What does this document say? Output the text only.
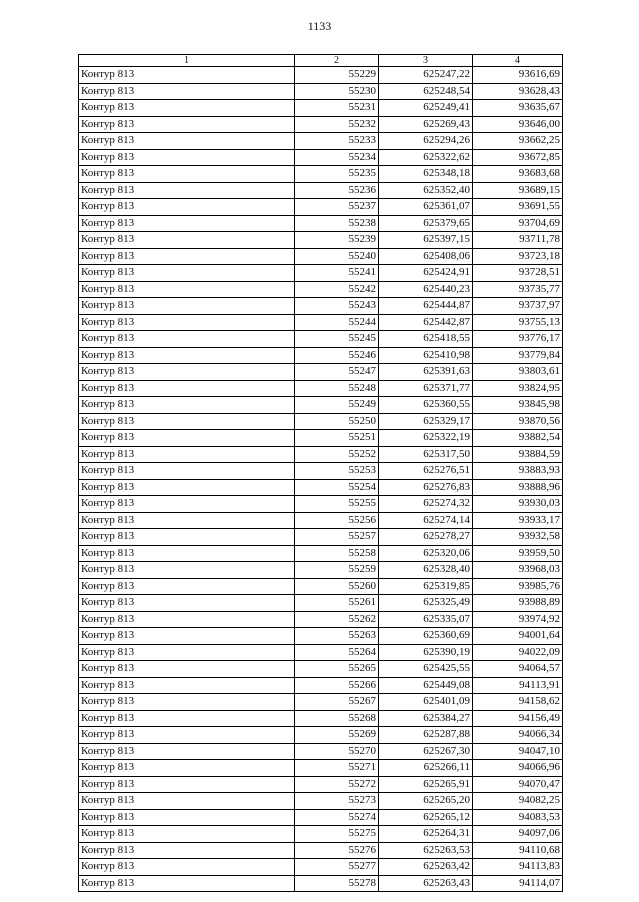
1133
1	2	3	4
Контур 813	55229	625247,22	93616,69
Контур 813	55230	625248,54	93628,43
Контур 813	55231	625249,41	93635,67
Контур 813	55232	625269,43	93646,00
Контур 813	55233	625294,26	93662,25
Контур 813	55234	625322,62	93672,85
Контур 813	55235	625348,18	93683,68
Контур 813	55236	625352,40	93689,15
Контур 813	55237	625361,07	93691,55
Контур 813	55238	625379,65	93704,69
Контур 813	55239	625397,15	93711,78
Контур 813	55240	625408,06	93723,18
Контур 813	55241	625424,91	93728,51
Контур 813	55242	625440,23	93735,77
Контур 813	55243	625444,87	93737,97
Контур 813	55244	625442,87	93755,13
Контур 813	55245	625418,55	93776,17
Контур 813	55246	625410,98	93779,84
Контур 813	55247	625391,63	93803,61
Контур 813	55248	625371,77	93824,95
Контур 813	55249	625360,55	93845,98
Контур 813	55250	625329,17	93870,56
Контур 813	55251	625322,19	93882,54
Контур 813	55252	625317,50	93884,59
Контур 813	55253	625276,51	93883,93
Контур 813	55254	625276,83	93888,96
Контур 813	55255	625274,32	93930,03
Контур 813	55256	625274,14	93933,17
Контур 813	55257	625278,27	93932,58
Контур 813	55258	625320,06	93959,50
Контур 813	55259	625328,40	93968,03
Контур 813	55260	625319,85	93985,76
Контур 813	55261	625325,49	93988,89
Контур 813	55262	625335,07	93974,92
Контур 813	55263	625360,69	94001,64
Контур 813	55264	625390,19	94022,09
Контур 813	55265	625425,55	94064,57
Контур 813	55266	625449,08	94113,91
Контур 813	55267	625401,09	94158,62
Контур 813	55268	625384,27	94156,49
Контур 813	55269	625287,88	94066,34
Контур 813	55270	625267,30	94047,10
Контур 813	55271	625266,11	94066,96
Контур 813	55272	625265,91	94070,47
Контур 813	55273	625265,20	94082,25
Контур 813	55274	625265,12	94083,53
Контур 813	55275	625264,31	94097,06
Контур 813	55276	625263,53	94110,68
Контур 813	55277	625263,42	94113,83
Контур 813	55278	625263,43	94114,07
